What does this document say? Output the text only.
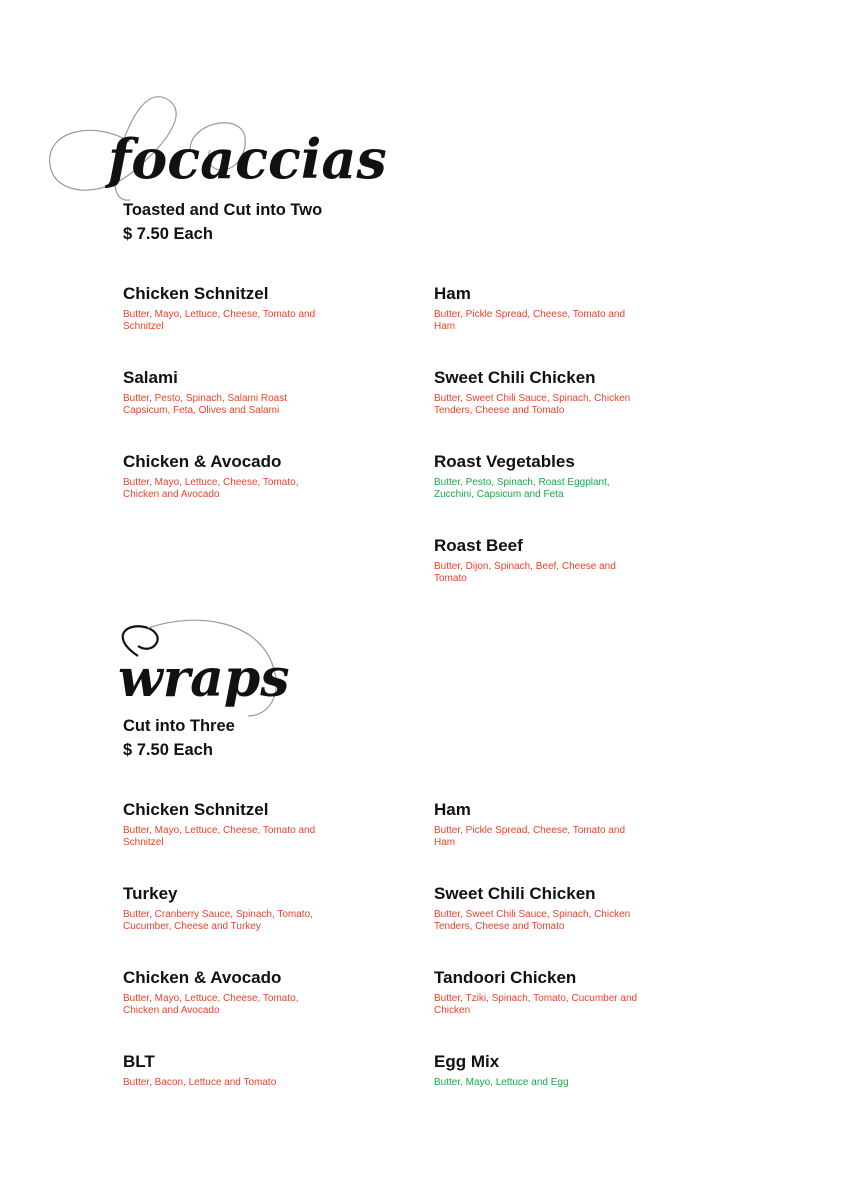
focaccias

Toasted and Cut into Two

$ 7.50 Each

Chicken Schnitzel

Butter, Mayo, Lettuce, Cheese, Tomato and Schnitzel

Salami

Butter, Pesto, Spinach, Salami Roast Capsicum, Feta, Olives and Salami

Chicken & Avocado

Butter, Mayo, Lettuce, Cheese, Tomato, Chicken and Avocado

Ham

Butter, Pickle Spread, Cheese, Tomato and Ham

Sweet Chili Chicken

Butter, Sweet Chili Sauce, Spinach, Chicken Tenders, Cheese and Tomato

Roast Vegetables

Butter, Pesto, Spinach, Roast Eggplant, Zucchini, Capsicum and Feta

Roast Beef

Butter, Dijon, Spinach, Beef, Cheese and Tomato

wraps

Cut into Three

$ 7.50 Each

Chicken Schnitzel

Butter, Mayo, Lettuce, Cheese, Tomato and Schnitzel

Turkey

Butter, Cranberry Sauce, Spinach, Tomato, Cucumber, Cheese and Turkey

Chicken & Avocado

Butter, Mayo, Lettuce, Cheese, Tomato, Chicken and Avocado

BLT

Butter, Bacon, Lettuce and Tomato

Ham

Butter, Pickle Spread, Cheese, Tomato and Ham

Sweet Chili Chicken

Butter, Sweet Chili Sauce, Spinach, Chicken Tenders, Cheese and Tomato

Tandoori Chicken

Butter, Tziki, Spinach, Tomato, Cucumber and Chicken

Egg Mix

Butter, Mayo, Lettuce and Egg
